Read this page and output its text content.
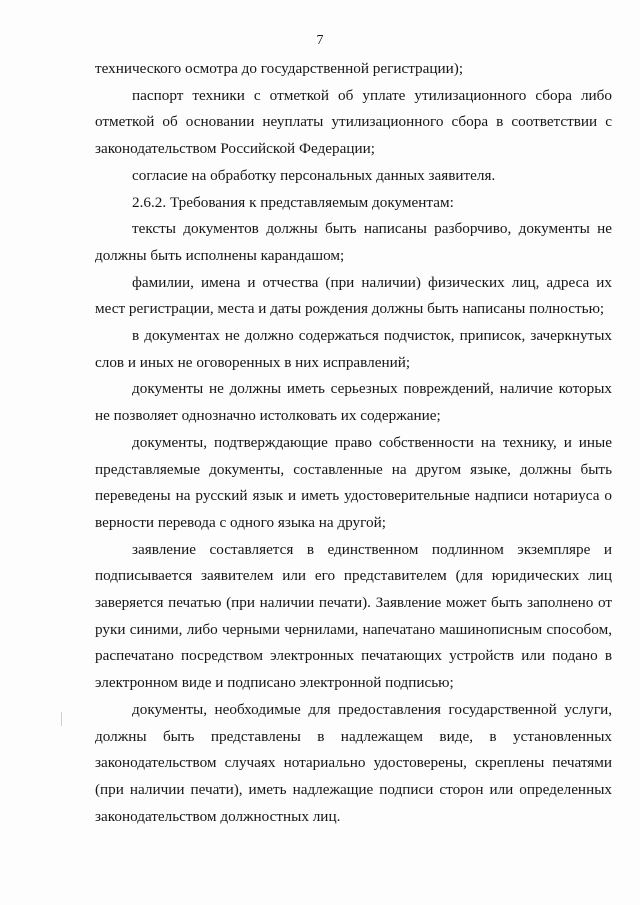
7

технического осмотра до государственной регистрации);

паспорт техники с отметкой об уплате утилизационного сбора либо отметкой об основании неуплаты утилизационного сбора в соответствии с законодательством Российской Федерации;

согласие на обработку персональных данных заявителя.

2.6.2. Требования к представляемым документам:

тексты документов должны быть написаны разборчиво, документы не должны быть исполнены карандашом;

фамилии, имена и отчества (при наличии) физических лиц, адреса их мест регистрации, места и даты рождения должны быть написаны полностью;

в документах не должно содержаться подчисток, приписок, зачеркнутых слов и иных не оговоренных в них исправлений;

документы не должны иметь серьезных повреждений, наличие которых не позволяет однозначно истолковать их содержание;

документы, подтверждающие право собственности на технику, и иные представляемые документы, составленные на другом языке, должны быть переведены на русский язык и иметь удостоверительные надписи нотариуса о верности перевода с одного языка на другой;

заявление составляется в единственном подлинном экземпляре и подписывается заявителем или его представителем (для юридических лиц заверяется печатью (при наличии печати). Заявление может быть заполнено от руки синими, либо черными чернилами, напечатано машинописным способом, распечатано посредством электронных печатающих устройств или подано в электронном виде и подписано электронной подписью;

документы, необходимые для предоставления государственной услуги, должны быть представлены в надлежащем виде, в установленных законодательством случаях нотариально удостоверены, скреплены печатями (при наличии печати), иметь надлежащие подписи сторон или определенных законодательством должностных лиц.
